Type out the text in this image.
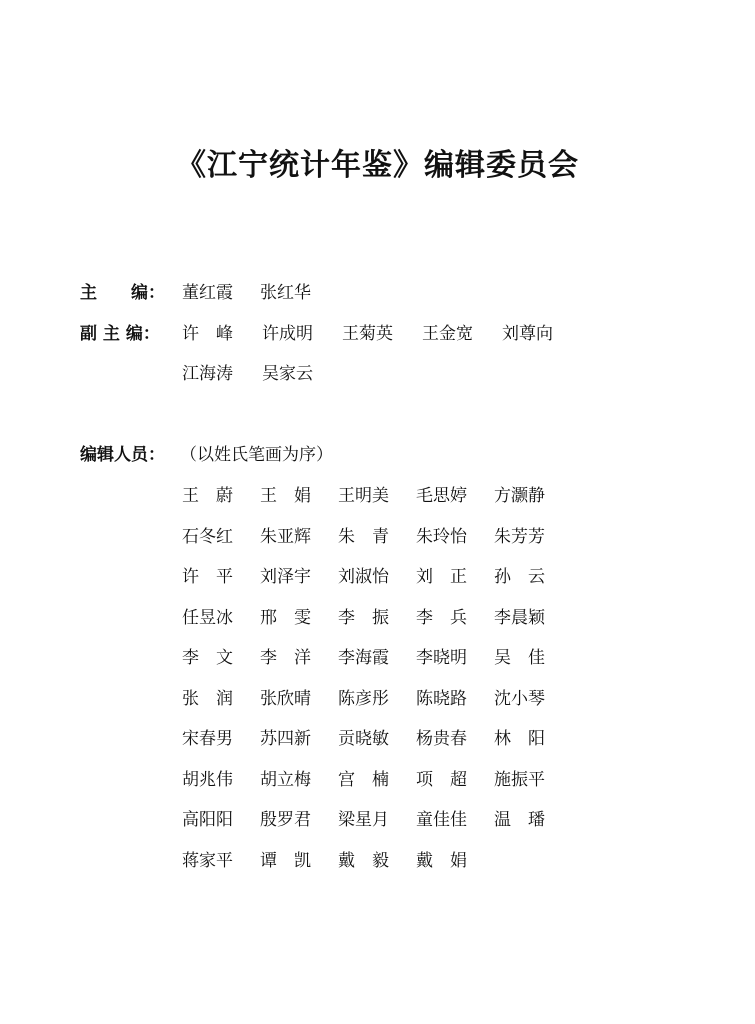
《江宁统计年鉴》编辑委员会
主　　编： 董红霞 张红华
副 主 编： 许　峰 许成明 王菊英 王金宽 刘尊向
江海涛 吴家云
编辑人员： （以姓氏笔画为序）
王　蔚 王　娟 王明美 毛思婷 方灏静
石冬红 朱亚辉 朱　青 朱玲怡 朱芳芳
许　平 刘泽宇 刘淑怡 刘　正 孙　云
任昱冰 邢　雯 李　振 李　兵 李晨颖
李　文 李　洋 李海霞 李晓明 吴　佳
张　润 张欣晴 陈彦彤 陈晓路 沈小琴
宋春男 苏四新 贡晓敏 杨贵春 林　阳
胡兆伟 胡立梅 宫　楠 项　超 施振平
高阳阳 殷罗君 梁星月 童佳佳 温　璠
蒋家平 谭　凯 戴　毅 戴　娟
